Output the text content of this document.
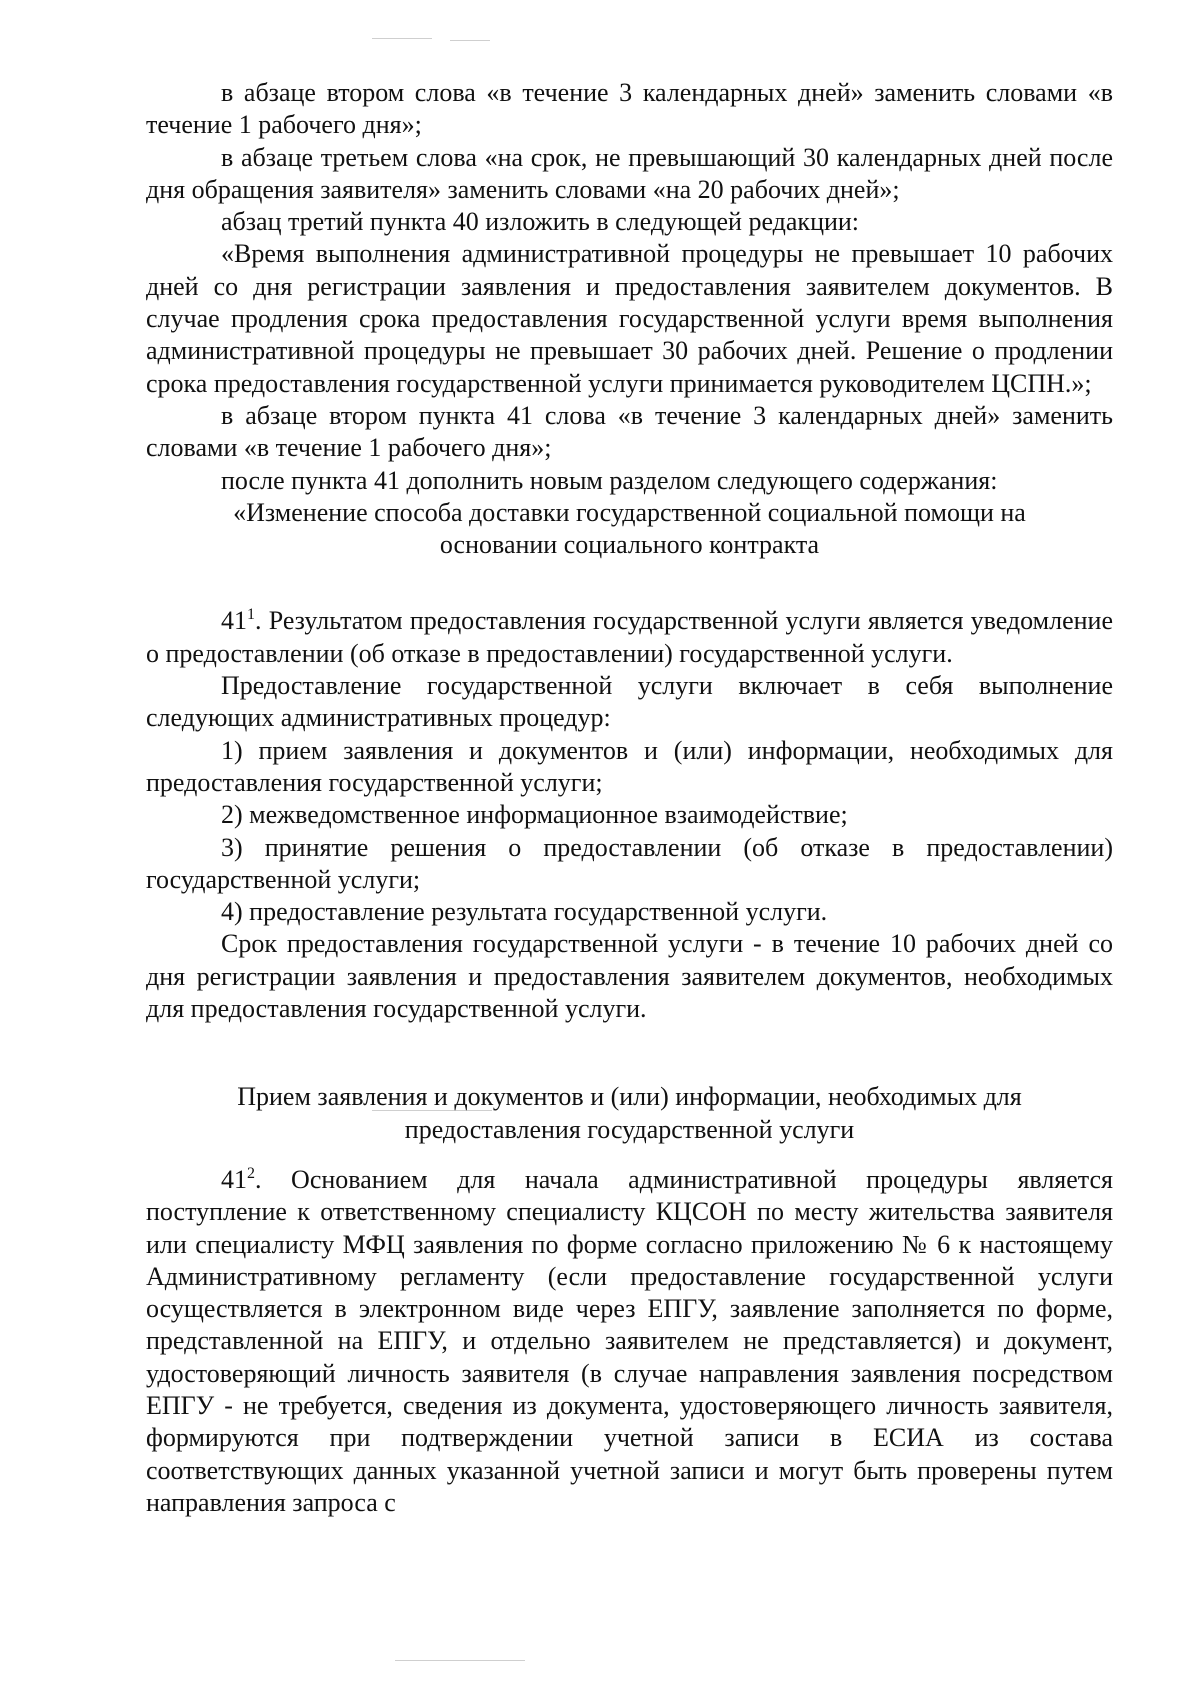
в абзаце втором слова «в течение 3 календарных дней» заменить словами «в течение 1 рабочего дня»;

в абзаце третьем слова «на срок, не превышающий 30 календарных дней после дня обращения заявителя» заменить словами «на 20 рабочих дней»;

абзац третий пункта 40 изложить в следующей редакции:

«Время выполнения административной процедуры не превышает 10 рабочих дней со дня регистрации заявления и предоставления заявителем документов. В случае продления срока предоставления государственной услуги время выполнения административной процедуры не превышает 30 рабочих дней. Решение о продлении срока предоставления государственной услуги принимается руководителем ЦСПН.»;

в абзаце втором пункта 41 слова «в течение 3 календарных дней» заменить словами «в течение 1 рабочего дня»;

после пункта 41 дополнить новым разделом следующего содержания:

«Изменение способа доставки государственной социальной помощи на основании социального контракта

$41^1$. Результатом предоставления государственной услуги является уведомление о предоставлении (об отказе в предоставлении) государственной услуги.

Предоставление государственной услуги включает в себя выполнение следующих административных процедур:

1) прием заявления и документов и (или) информации, необходимых для предоставления государственной услуги;

2) межведомственное информационное взаимодействие;

3) принятие решения о предоставлении (об отказе в предоставлении) государственной услуги;

4) предоставление результата государственной услуги.

Срок предоставления государственной услуги - в течение 10 рабочих дней со дня регистрации заявления и предоставления заявителем документов, необходимых для предоставления государственной услуги.

Прием заявления и документов и (или) информации, необходимых для предоставления государственной услуги

$41^2$. Основанием для начала административной процедуры является поступление к ответственному специалисту КЦСОН по месту жительства заявителя или специалисту МФЦ заявления по форме согласно приложению № 6 к настоящему Административному регламенту (если предоставление государственной услуги осуществляется в электронном виде через ЕПГУ, заявление заполняется по форме, представленной на ЕПГУ, и отдельно заявителем не представляется) и документ, удостоверяющий личность заявителя (в случае направления заявления посредством ЕПГУ - не требуется, сведения из документа, удостоверяющего личность заявителя, формируются при подтверждении учетной записи в ЕСИА из состава соответствующих данных указанной учетной записи и могут быть проверены путем направления запроса с
